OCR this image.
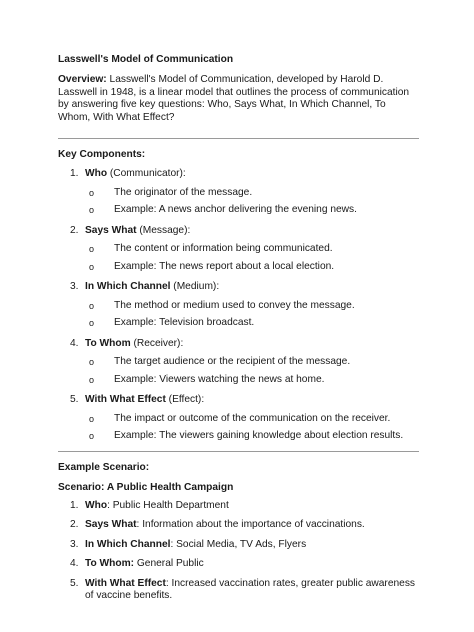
Lasswell's Model of Communication

Overview: Lasswell's Model of Communication, developed by Harold D. Lasswell in 1948, is a linear model that outlines the process of communication by answering five key questions: Who, Says What, In Which Channel, To Whom, With What Effect?

Key Components:
1. Who (Communicator):
o The originator of the message.
o Example: A news anchor delivering the evening news.
2. Says What (Message):
o The content or information being communicated.
o Example: The news report about a local election.
3. In Which Channel (Medium):
o The method or medium used to convey the message.
o Example: Television broadcast.
4. To Whom (Receiver):
o The target audience or the recipient of the message.
o Example: Viewers watching the news at home.
5. With What Effect (Effect):
o The impact or outcome of the communication on the receiver.
o Example: The viewers gaining knowledge about election results.
Example Scenario:
Scenario: A Public Health Campaign
1. Who: Public Health Department
2. Says What: Information about the importance of vaccinations.
3. In Which Channel: Social Media, TV Ads, Flyers
4. To Whom: General Public
5. With What Effect: Increased vaccination rates, greater public awareness of vaccine benefits.
